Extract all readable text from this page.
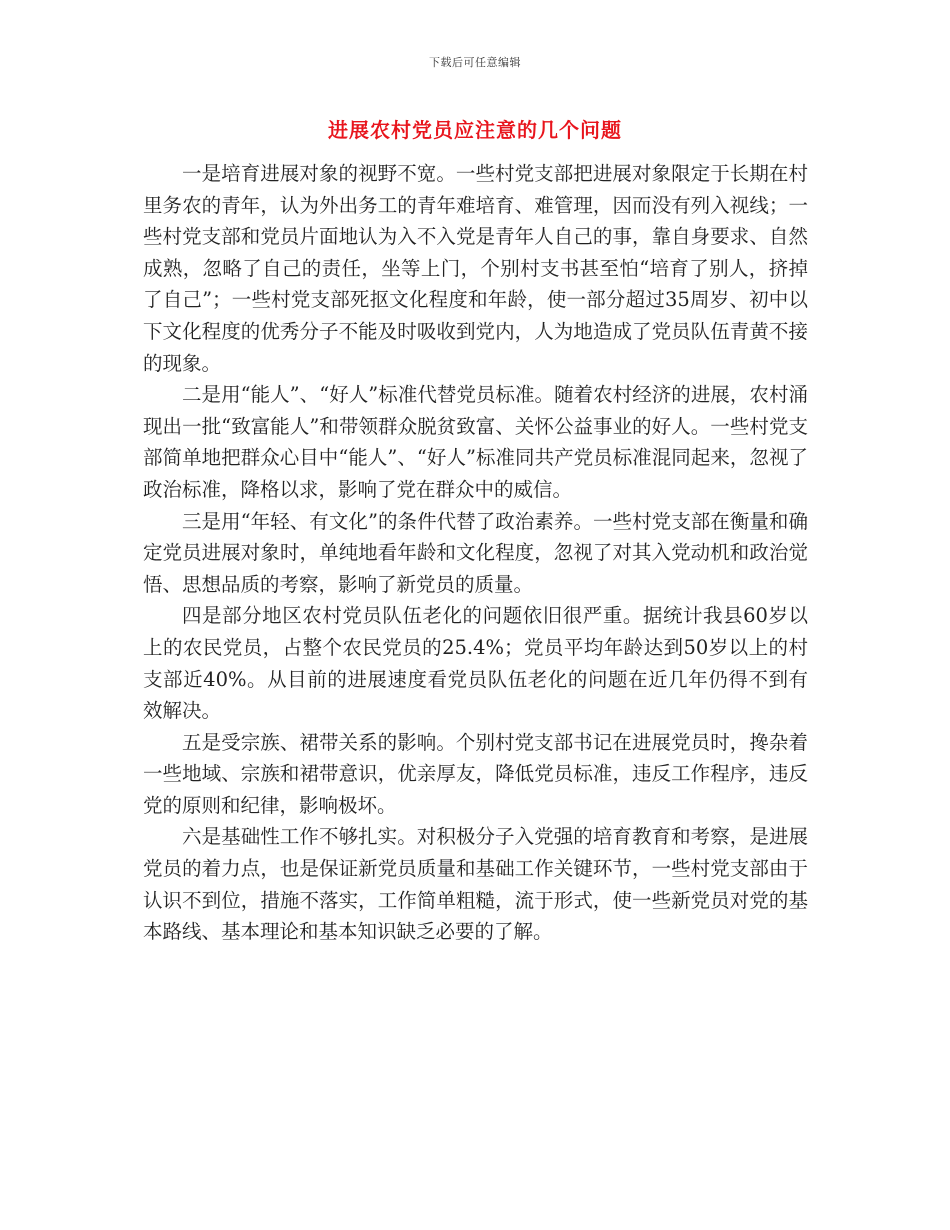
下载后可任意编辑
进展农村党员应注意的几个问题

一是培育进展对象的视野不宽。一些村党支部把进展对象限定于长期在村里务农的青年，认为外出务工的青年难培育、难管理，因而没有列入视线；一些村党支部和党员片面地认为入不入党是青年人自己的事，靠自身要求、自然成熟，忽略了自己的责任，坐等上门，个别村支书甚至怕“培育了别人，挤掉了自己”；一些村党支部死抠文化程度和年龄，使一部分超过35周岁、初中以下文化程度的优秀分子不能及时吸收到党内，人为地造成了党员队伍青黄不接的现象。

二是用“能人”、“好人”标准代替党员标准。随着农村经济的进展，农村涌现出一批“致富能人”和带领群众脱贫致富、关怀公益事业的好人。一些村党支部简单地把群众心目中“能人”、“好人”标准同共产党员标准混同起来，忽视了政治标准，降格以求，影响了党在群众中的威信。

三是用“年轻、有文化”的条件代替了政治素养。一些村党支部在衡量和确定党员进展对象时，单纯地看年龄和文化程度，忽视了对其入党动机和政治觉悟、思想品质的考察，影响了新党员的质量。

四是部分地区农村党员队伍老化的问题依旧很严重。据统计我县60岁以上的农民党员，占整个农民党员的25.4%；党员平均年龄达到50岁以上的村支部近40%。从目前的进展速度看党员队伍老化的问题在近几年仍得不到有效解决。

五是受宗族、裙带关系的影响。个别村党支部书记在进展党员时，搀杂着一些地域、宗族和裙带意识，优亲厚友，降低党员标准，违反工作程序，违反党的原则和纪律，影响极坏。

六是基础性工作不够扎实。对积极分子入党强的培育教育和考察，是进展党员的着力点，也是保证新党员质量和基础工作关键环节，一些村党支部由于认识不到位，措施不落实，工作简单粗糙，流于形式，使一些新党员对党的基本路线、基本理论和基本知识缺乏必要的了解。
